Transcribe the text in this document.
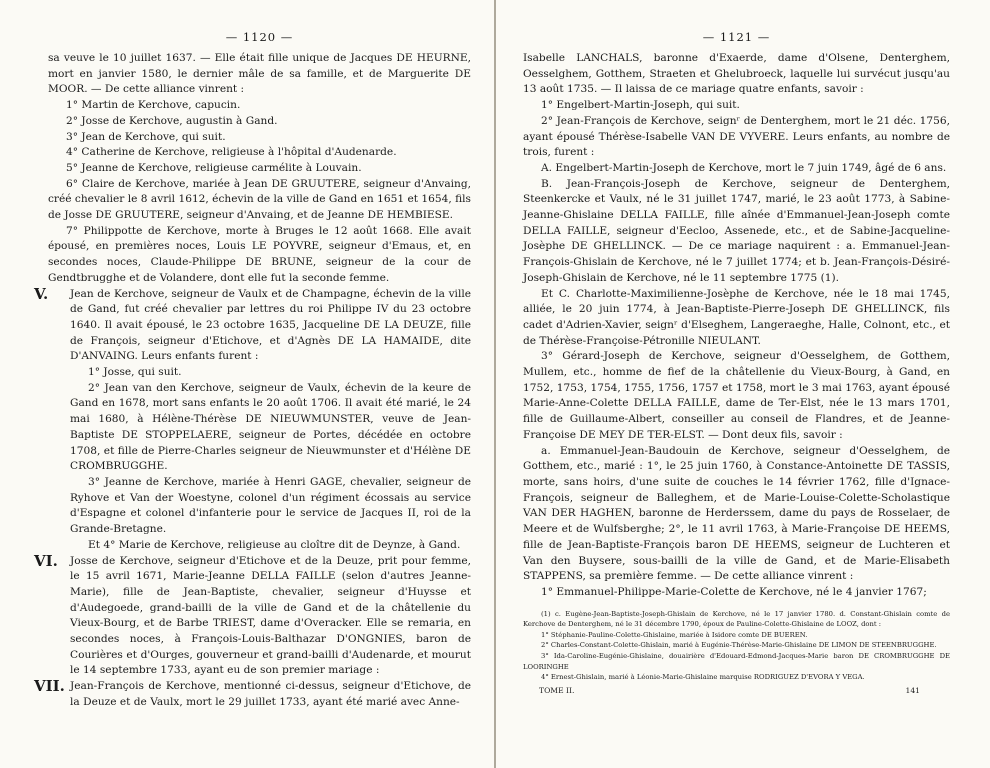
— 1120 —

sa veuve le 10 juillet 1637. — Elle était fille unique de Jacques DE HEURNE, mort en janvier 1580, le dernier mâle de sa famille, et de Marguerite DE MOOR. — De cette alliance vinrent :

1° Martin de Kerchove, capucin.

2° Josse de Kerchove, augustin à Gand.

3° Jean de Kerchove, qui suit.

4° Catherine de Kerchove, religieuse à l'hôpital d'Audenarde.

5° Jeanne de Kerchove, religieuse carmélite à Louvain.

6° Claire de Kerchove, mariée à Jean DE GRUUTERE, seigneur d'Anvaing, créé chevalier le 8 avril 1612, échevin de la ville de Gand en 1651 et 1654, fils de Josse DE GRUUTERE, seigneur d'Anvaing, et de Jeanne DE HEMBIESE.

7° Philippotte de Kerchove, morte à Bruges le 12 août 1668. Elle avait épousé, en premières noces, Louis LE POYVRE, seigneur d'Emaus, et, en secondes noces, Claude-Philippe DE BRUNE, seigneur de la cour de Gendtbrugghe et de Volandere, dont elle fut la seconde femme.

V. Jean de Kerchove, seigneur de Vaulx et de Champagne, échevin de la ville de Gand, fut créé chevalier par lettres du roi Philippe IV du 23 octobre 1640. Il avait épousé, le 23 octobre 1635, Jacqueline DE LA DEUZE, fille de François, seigneur d'Etichove, et d'Agnès DE LA HAMAIDE, dite D'ANVAING. Leurs enfants furent :

1° Josse, qui suit.

2° Jean van den Kerchove, seigneur de Vaulx, échevin de la keure de Gand en 1678, mort sans enfants le 20 août 1706. Il avait été marié, le 24 mai 1680, à Hélène-Thérèse DE NIEUWMUNSTER, veuve de Jean-Baptiste DE STOPPELAERE, seigneur de Portes, décédée en octobre 1708, et fille de Pierre-Charles seigneur de Nieuwmunster et d'Hélène DE CROMBRUGGHE.

3° Jeanne de Kerchove, mariée à Henri GAGE, chevalier, seigneur de Ryhove et Van der Woestyne, colonel d'un régiment écossais au service d'Espagne et colonel d'infanterie pour le service de Jacques II, roi de la Grande-Bretagne.

Et 4° Marie de Kerchove, religieuse au cloître dit de Deynze, à Gand.

VI. Josse de Kerchove, seigneur d'Etichove et de la Deuze, prit pour femme, le 15 avril 1671, Marie-Jeanne DELLA FAILLE (selon d'autres Jeanne-Marie), fille de Jean-Baptiste, chevalier, seigneur d'Huysse et d'Audegoede, grand-bailli de la ville de Gand et de la châtellenie du Vieux-Bourg, et de Barbe TRIEST, dame d'Overacker. Elle se remaria, en secondes noces, à François-Louis-Balthazar D'ONGNIES, baron de Courières et d'Ourges, gouverneur et grand-bailli d'Audenarde, et mourut le 14 septembre 1733, ayant eu de son premier mariage :

VII. Jean-François de Kerchove, mentionné ci-dessus, seigneur d'Etichove, de la Deuze et de Vaulx, mort le 29 juillet 1733, ayant été marié avec Anne-

— 1121 —

Isabelle LANCHALS, baronne d'Exaerde, dame d'Olsene, Denterghem, Oesselghem, Gotthem, Straeten et Ghelubroeck, laquelle lui survécut jusqu'au 13 août 1735. — Il laissa de ce mariage quatre enfants, savoir :

1° Engelbert-Martin-Joseph, qui suit.

2° Jean-François de Kerchove, seignʳ de Denterghem, mort le 21 déc. 1756, ayant épousé Thérèse-Isabelle VAN DE VYVERE. Leurs enfants, au nombre de trois, furent :

A. Engelbert-Martin-Joseph de Kerchove, mort le 7 juin 1749, âgé de 6 ans.

B. Jean-François-Joseph de Kerchove, seigneur de Denterghem, Steenkercke et Vaulx, né le 31 juillet 1747, marié, le 23 août 1773, à Sabine-Jeanne-Ghislaine DELLA FAILLE, fille aînée d'Emmanuel-Jean-Joseph comte DELLA FAILLE, seigneur d'Eecloo, Assenede, etc., et de Sabine-Jacqueline-Josèphe DE GHELLINCK. — De ce mariage naquirent : a. Emmanuel-Jean-François-Ghislain de Kerchove, né le 7 juillet 1774; et b. Jean-François-Désiré-Joseph-Ghislain de Kerchove, né le 11 septembre 1775 (1).

Et C. Charlotte-Maximilienne-Josèphe de Kerchove, née le 18 mai 1745, alliée, le 20 juin 1774, à Jean-Baptiste-Pierre-Joseph DE GHELLINCK, fils cadet d'Adrien-Xavier, seignʳ d'Elseghem, Langeraeghe, Halle, Colnont, etc., et de Thérèse-Françoise-Pétronille NIEULANT.

3° Gérard-Joseph de Kerchove, seigneur d'Oesselghem, de Gotthem, Mullem, etc., homme de fief de la châtellenie du Vieux-Bourg, à Gand, en 1752, 1753, 1754, 1755, 1756, 1757 et 1758, mort le 3 mai 1763, ayant épousé Marie-Anne-Colette DELLA FAILLE, dame de Ter-Elst, née le 13 mars 1701, fille de Guillaume-Albert, conseiller au conseil de Flandres, et de Jeanne-Françoise DE MEY DE TER-ELST. — Dont deux fils, savoir :

a. Emmanuel-Jean-Baudouin de Kerchove, seigneur d'Oesselghem, de Gotthem, etc., marié : 1°, le 25 juin 1760, à Constance-Antoinette DE TASSIS, morte, sans hoirs, d'une suite de couches le 14 février 1762, fille d'Ignace-François, seigneur de Balleghem, et de Marie-Louise-Colette-Scholastique VAN DER HAGHEN, baronne de Herderssem, dame du pays de Rosselaer, de Meere et de Wulfsberghe; 2°, le 11 avril 1763, à Marie-Françoise DE HEEMS, fille de Jean-Baptiste-François baron DE HEEMS, seigneur de Luchteren et Van den Buysere, sous-bailli de la ville de Gand, et de Marie-Elisabeth STAPPENS, sa première femme. — De cette alliance vinrent :

1° Emmanuel-Philippe-Marie-Colette de Kerchove, né le 4 janvier 1767;

(1) c. Eugène-Jean-Baptiste-Joseph-Ghislain de Kerchove, né le 17 janvier 1780. d. Constant-Ghislain comte de Kerchove de Denterghem, né le 31 décembre 1790, époux de Pauline-Colette-Ghislaine de LOOZ, dont :

1° Stéphanie-Pauline-Colette-Ghislaine, mariée à Isidore comte DE BUEREN.

2° Charles-Constant-Colette-Ghislain, marié à Eugénie-Thérèse-Marie-Ghislaine DE LIMON DE STEENBRUGGHE.

3° Ida-Caroline-Eugénie-Ghislaine, douairière d'Edouard-Edmond-Jacques-Marie baron DE CROMBRUGGHE DE LOORINGHE

4° Ernest-Ghislain, marié à Léonie-Marie-Ghislaine marquise RODRIGUEZ D'EVORA Y VEGA.

TOME II.	141
